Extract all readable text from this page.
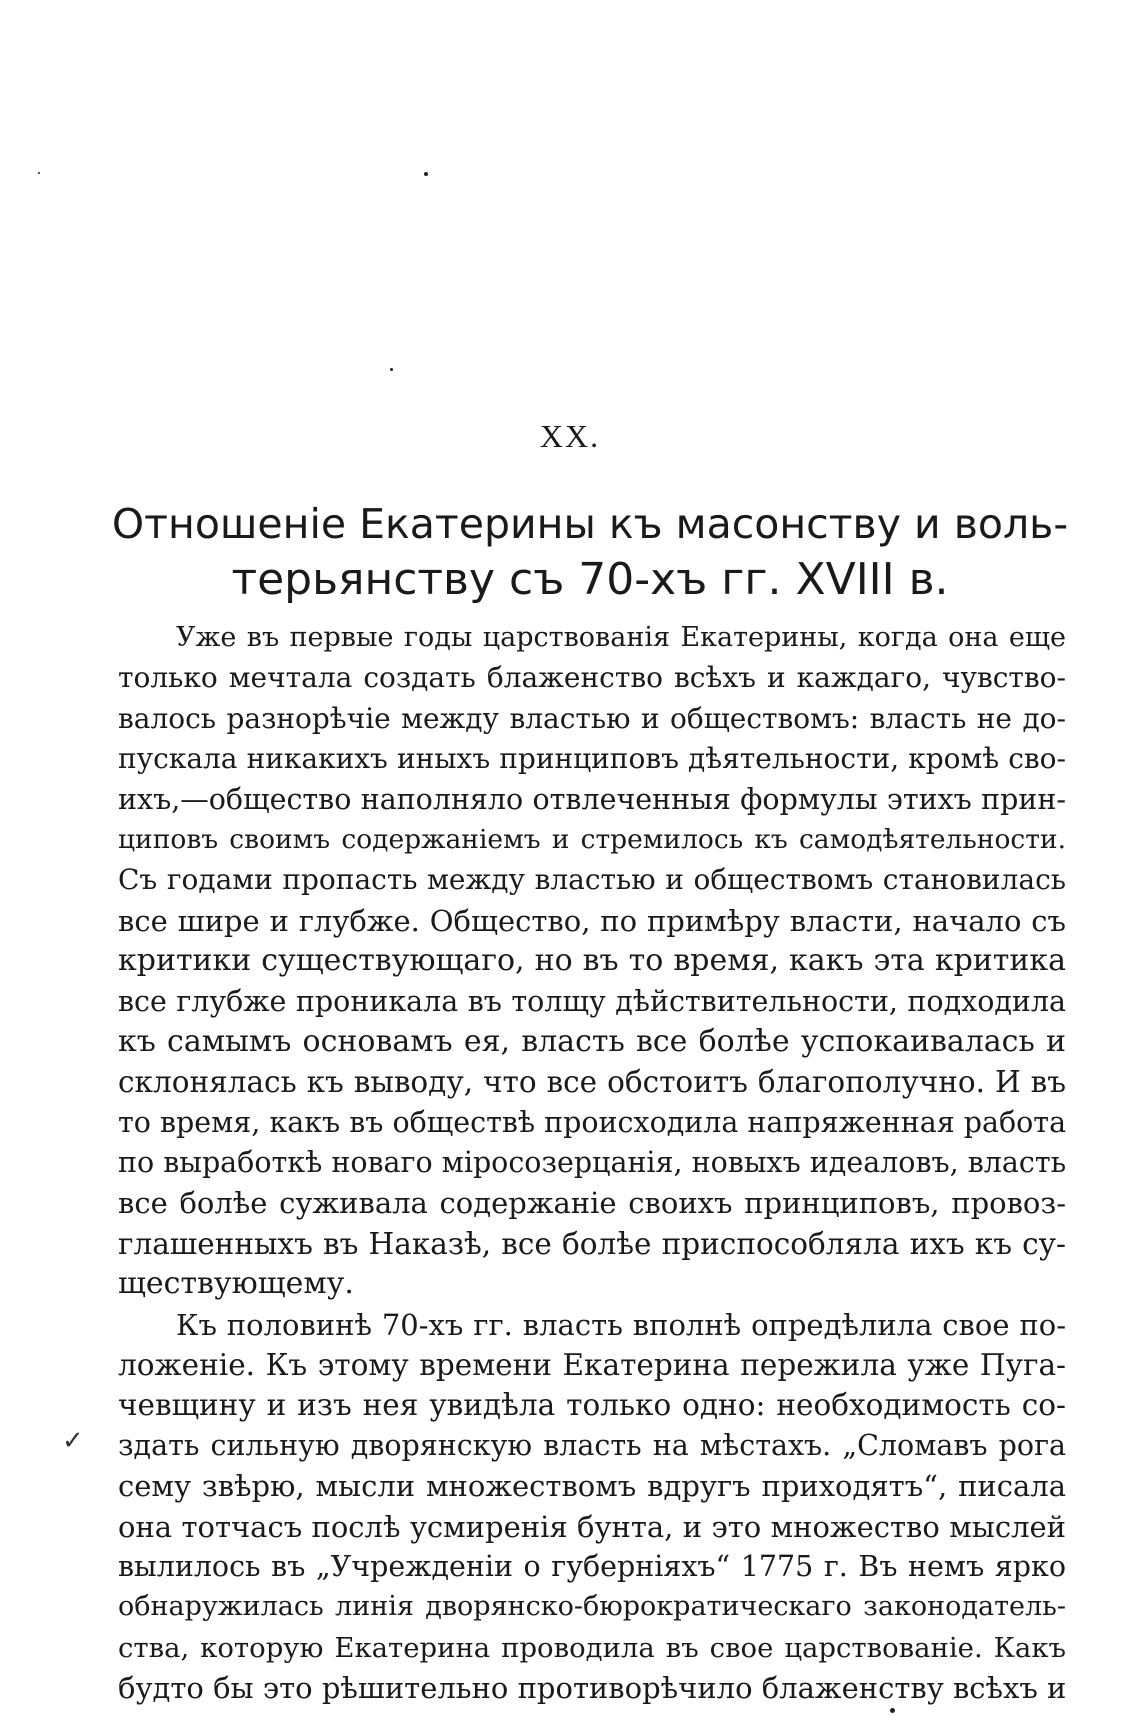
XX.
Отношеніе Екатерины къ масонству и воль-
терьянству съ 70-хъ гг. XVIII в.
✓
Уже въ первые годы царствованія Екатерины, когда она еще
только мечтала создать блаженство всѣхъ и каждаго, чувство-
валось разнорѣчіе между властью и обществомъ: власть не до-
пускала никакихъ иныхъ принциповъ дѣятельности, кромѣ сво-
ихъ,—общество наполняло отвлеченныя формулы этихъ прин-
циповъ своимъ содержаніемъ и стремилось къ самодѣятельности.
Съ годами пропасть между властью и обществомъ становилась
все шире и глубже. Общество, по примѣру власти, начало съ
критики существующаго, но въ то время, какъ эта критика
все глубже проникала въ толщу дѣйствительности, подходила
къ самымъ основамъ ея, власть все болѣе успокаивалась и
склонялась къ выводу, что все обстоитъ благополучно. И въ
то время, какъ въ обществѣ происходила напряженная работа
по выработкѣ новаго міросозерцанія, новыхъ идеаловъ, власть
все болѣе суживала содержаніе своихъ принциповъ, провоз-
глашенныхъ въ Наказѣ, все болѣе приспособляла ихъ къ су-
ществующему.
Къ половинѣ 70-хъ гг. власть вполнѣ опредѣлила свое по-
ложеніе. Къ этому времени Екатерина пережила уже Пуга-
чевщину и изъ нея увидѣла только одно: необходимость со-
здать сильную дворянскую власть на мѣстахъ. „Сломавъ рога
сему звѣрю, мысли множествомъ вдругъ приходятъ“, писала
она тотчасъ послѣ усмиренія бунта, и это множество мыслей
вылилось въ „Учрежденіи о губерніяхъ“ 1775 г. Въ немъ ярко
обнаружилась линія дворянско-бюрократическаго законодатель-
ства, которую Екатерина проводила въ свое царствованіе. Какъ
будто бы это рѣшительно противорѣчило блаженству всѣхъ и
